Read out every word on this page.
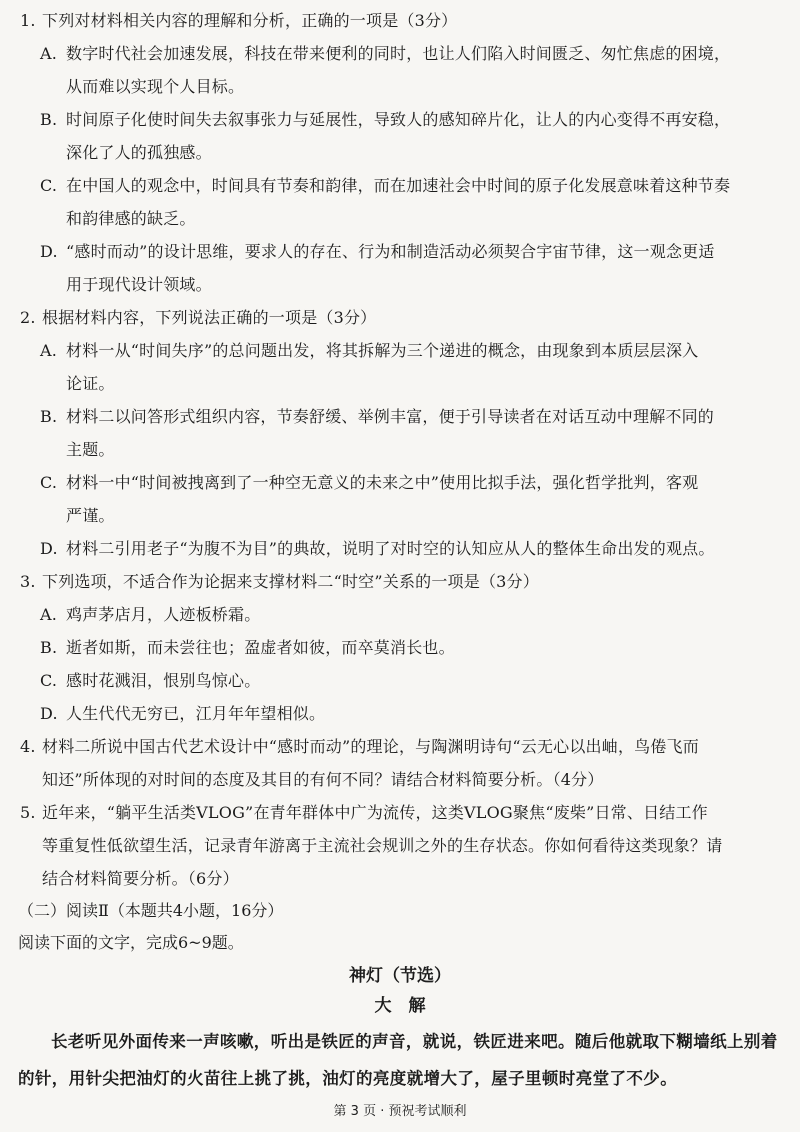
1. 下列对材料相关内容的理解和分析，正确的一项是（3分）
A. 数字时代社会加速发展，科技在带来便利的同时，也让人们陷入时间匮乏、匆忙焦虑的困境，
从而难以实现个人目标。
B. 时间原子化使时间失去叙事张力与延展性，导致人的感知碎片化，让人的内心变得不再安稳，
深化了人的孤独感。
C. 在中国人的观念中，时间具有节奏和韵律，而在加速社会中时间的原子化发展意味着这种节奏
和韵律感的缺乏。
D. “感时而动”的设计思维，要求人的存在、行为和制造活动必须契合宇宙节律，这一观念更适
用于现代设计领域。
2. 根据材料内容，下列说法正确的一项是（3分）
A. 材料一从“时间失序”的总问题出发，将其拆解为三个递进的概念，由现象到本质层层深入
论证。
B. 材料二以问答形式组织内容，节奏舒缓、举例丰富，便于引导读者在对话互动中理解不同的
主题。
C. 材料一中“时间被拽离到了一种空无意义的未来之中”使用比拟手法，强化哲学批判，客观
严谨。
D. 材料二引用老子“为腹不为目”的典故，说明了对时空的认知应从人的整体生命出发的观点。
3. 下列选项，不适合作为论据来支撑材料二“时空”关系的一项是（3分）
A. 鸡声茅店月，人迹板桥霜。
B. 逝者如斯，而未尝往也；盈虚者如彼，而卒莫消长也。
C. 感时花溅泪，恨别鸟惊心。
D. 人生代代无穷已，江月年年望相似。
4. 材料二所说中国古代艺术设计中“感时而动”的理论，与陶渊明诗句“云无心以出岫，鸟倦飞而
知还”所体现的对时间的态度及其目的有何不同？请结合材料简要分析。（4分）
5. 近年来，“躺平生活类VLOG”在青年群体中广为流传，这类VLOG聚焦“废柴”日常、日结工作
等重复性低欲望生活，记录青年游离于主流社会规训之外的生存状态。你如何看待这类现象？请
结合材料简要分析。（6分）
（二）阅读Ⅱ（本题共4小题，16分）
阅读下面的文字，完成6~9题。
神灯（节选）
大　解
长老听见外面传来一声咳嗽，听出是铁匠的声音，就说，铁匠进来吧。随后他就取下糊墙纸上别着的针，用针尖把油灯的火苗往上挑了挑，油灯的亮度就增大了，屋子里顿时亮堂了不少。
第 3 页 · 预祝考试顺利
